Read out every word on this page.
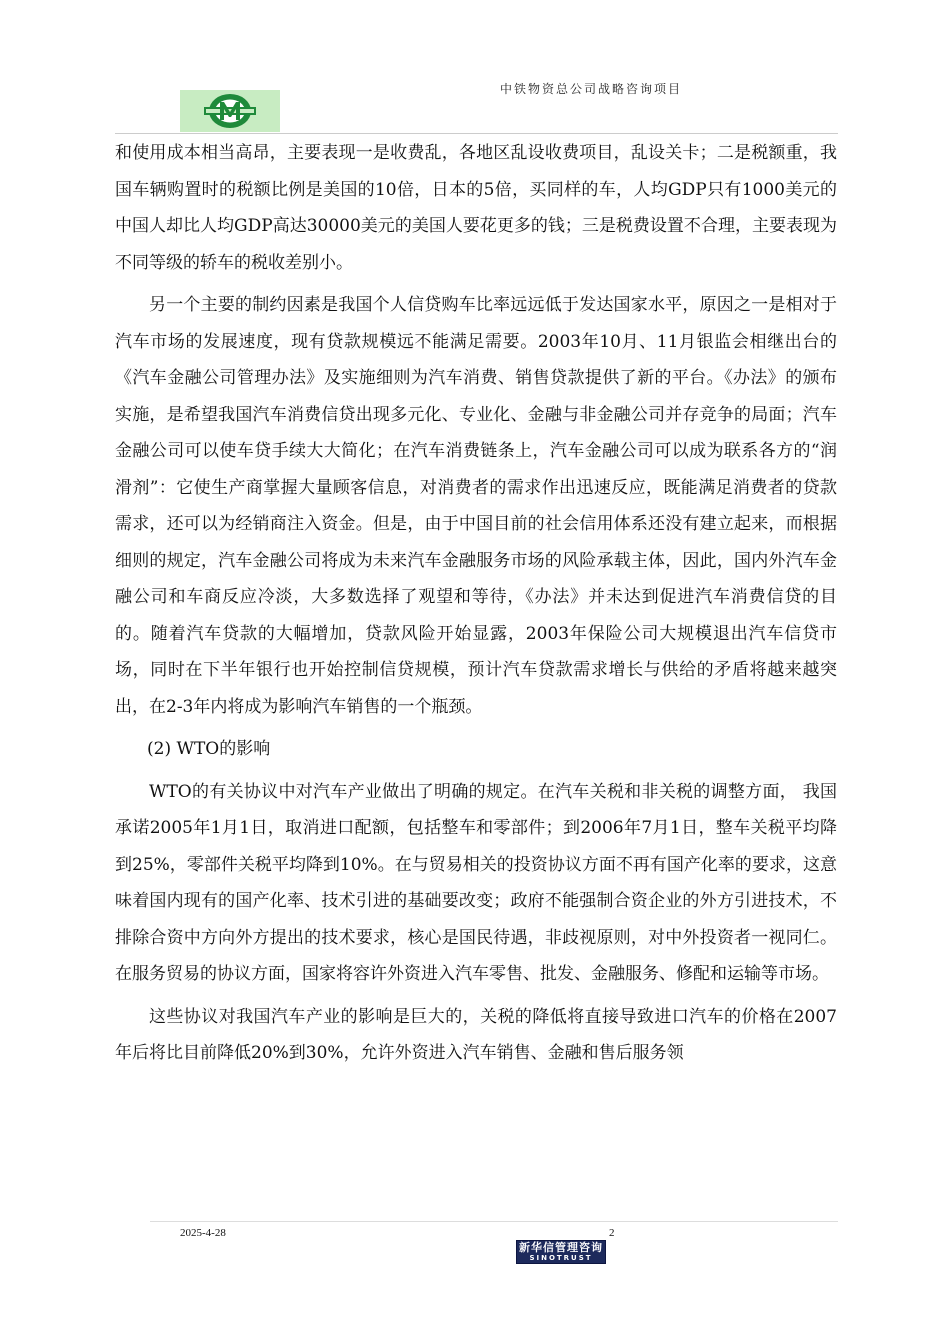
中铁物资总公司战略咨询项目

和使用成本相当高昂，主要表现一是收费乱，各地区乱设收费项目，乱设关卡；二是税额重，我国车辆购置时的税额比例是美国的10倍，日本的5倍，买同样的车，人均GDP只有1000美元的中国人却比人均GDP高达30000美元的美国人要花更多的钱；三是税费设置不合理，主要表现为不同等级的轿车的税收差别小。

另一个主要的制约因素是我国个人信贷购车比率远远低于发达国家水平，原因之一是相对于汽车市场的发展速度，现有贷款规模远不能满足需要。2003年10月、11月银监会相继出台的《汽车金融公司管理办法》及实施细则为汽车消费、销售贷款提供了新的平台。《办法》的颁布实施，是希望我国汽车消费信贷出现多元化、专业化、金融与非金融公司并存竞争的局面；汽车金融公司可以使车贷手续大大简化；在汽车消费链条上，汽车金融公司可以成为联系各方的“润滑剂”：它使生产商掌握大量顾客信息，对消费者的需求作出迅速反应，既能满足消费者的贷款需求，还可以为经销商注入资金。但是，由于中国目前的社会信用体系还没有建立起来，而根据细则的规定，汽车金融公司将成为未来汽车金融服务市场的风险承载主体，因此，国内外汽车金融公司和车商反应冷淡，大多数选择了观望和等待，《办法》并未达到促进汽车消费信贷的目的。随着汽车贷款的大幅增加，贷款风险开始显露，2003年保险公司大规模退出汽车信贷市场，同时在下半年银行也开始控制信贷规模，预计汽车贷款需求增长与供给的矛盾将越来越突出，在2-3年内将成为影响汽车销售的一个瓶颈。

(2) WTO的影响

WTO的有关协议中对汽车产业做出了明确的规定。在汽车关税和非关税的调整方面， 我国承诺2005年1月1日，取消进口配额，包括整车和零部件；到2006年7月1日，整车关税平均降到25%，零部件关税平均降到10%。在与贸易相关的投资协议方面不再有国产化率的要求，这意味着国内现有的国产化率、技术引进的基础要改变；政府不能强制合资企业的外方引进技术，不排除合资中方向外方提出的技术要求，核心是国民待遇，非歧视原则，对中外投资者一视同仁。 在服务贸易的协议方面，国家将容许外资进入汽车零售、批发、金融服务、修配和运输等市场。

这些协议对我国汽车产业的影响是巨大的，关税的降低将直接导致进口汽车的价格在2007年后将比目前降低20%到30%，允许外资进入汽车销售、金融和售后服务领

2025-4-28	2
新华信管理咨询
SINOTRUST
